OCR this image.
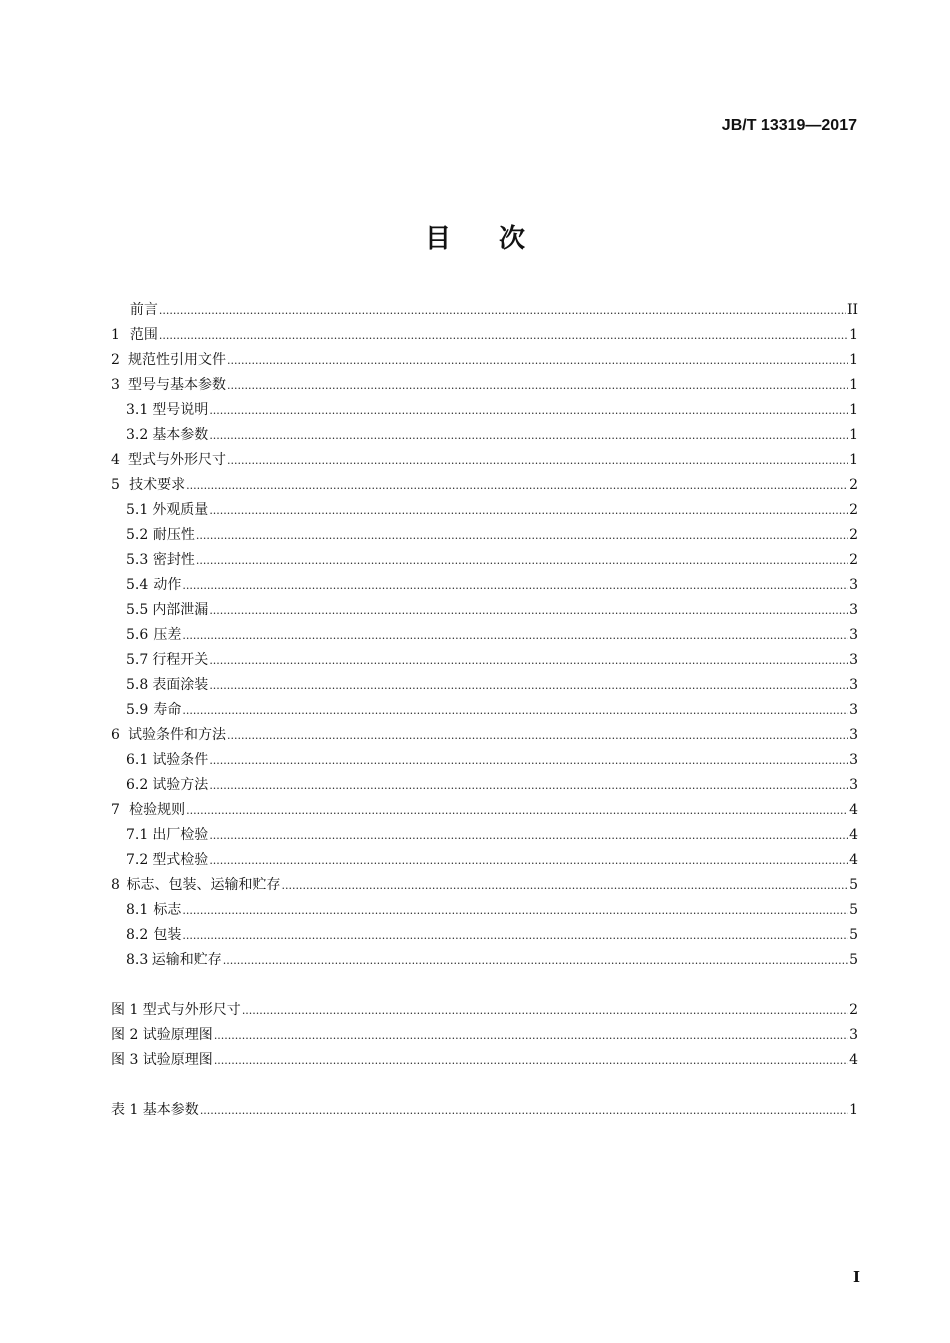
JB/T 13319—2017
目次
前言 .....	II
1 范围 .....	1
2 规范性引用文件 .....	1
3 型号与基本参数 .....	1
3.1 型号说明 .....	1
3.2 基本参数 .....	1
4 型式与外形尺寸 .....	1
5 技术要求 .....	2
5.1 外观质量 .....	2
5.2 耐压性 .....	2
5.3 密封性 .....	2
5.4 动作 .....	3
5.5 内部泄漏 .....	3
5.6 压差 .....	3
5.7 行程开关 .....	3
5.8 表面涂装 .....	3
5.9 寿命 .....	3
6 试验条件和方法 .....	3
6.1 试验条件 .....	3
6.2 试验方法 .....	3
7 检验规则 .....	4
7.1 出厂检验 .....	4
7.2 型式检验 .....	4
8 标志、包装、运输和贮存 .....	5
8.1 标志 .....	5
8.2 包装 .....	5
8.3 运输和贮存 .....	5
图 1 型式与外形尺寸 .....	2
图 2 试验原理图 .....	3
图 3 试验原理图 .....	4
表 1 基本参数 .....	1
I
